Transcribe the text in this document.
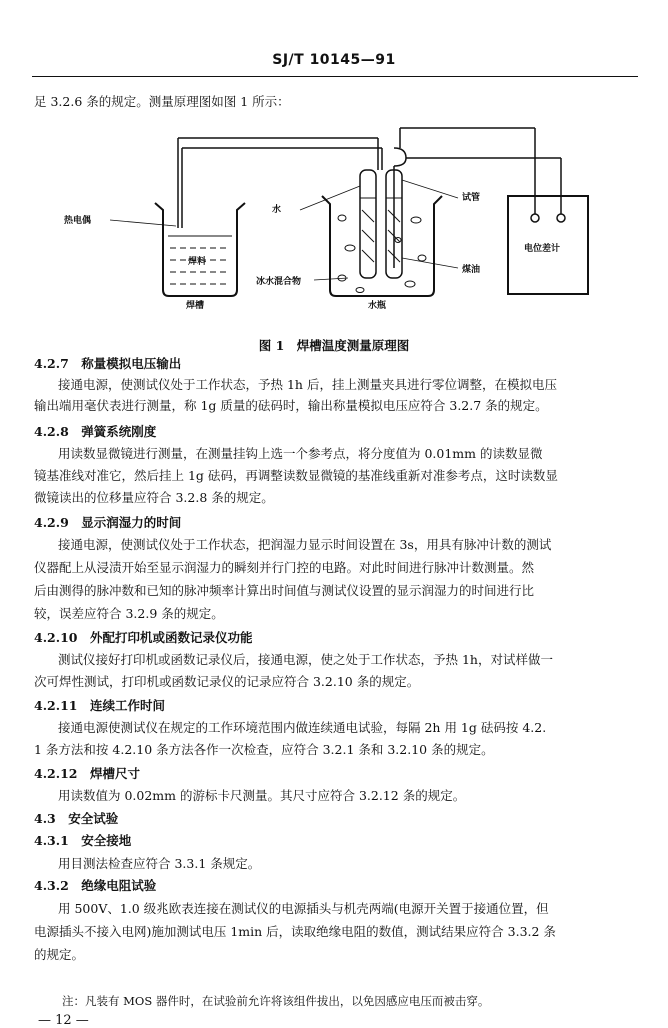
SJ/T 10145—91
足 3.2.6 条的规定。测量原理图如图 1 所示：
热电偶
焊料
焊槽
水
试管
煤油
冰水混合物
水瓶
电位差计
图 1　焊槽温度测量原理图
4.2.7　称量模拟电压输出
接通电源，使测试仪处于工作状态，予热 1h 后，挂上测量夹具进行零位调整，在模拟电压
输出端用毫伏表进行测量，称 1g 质量的砝码时，输出称量模拟电压应符合 3.2.7 条的规定。
4.2.8　弹簧系统刚度
用读数显微镜进行测量，在测量挂钩上选一个参考点，将分度值为 0.01mm 的读数显微
镜基准线对准它，然后挂上 1g 砝码，再调整读数显微镜的基准线重新对准参考点，这时读数显
微镜读出的位移量应符合 3.2.8 条的规定。
4.2.9　显示润湿力的时间
接通电源，使测试仪处于工作状态，把润湿力显示时间设置在 3s，用具有脉冲计数的测试
仪器配上从浸渍开始至显示润湿力的瞬刻并行门控的电路。对此时间进行脉冲计数测量。然
后由测得的脉冲数和已知的脉冲频率计算出时间值与测试仪设置的显示润湿力的时间进行比
较，误差应符合 3.2.9 条的规定。
4.2.10　外配打印机或函数记录仪功能
测试仪接好打印机或函数记录仪后，接通电源，使之处于工作状态，予热 1h，对试样做一
次可焊性测试，打印机或函数记录仪的记录应符合 3.2.10 条的规定。
4.2.11　连续工作时间
接通电源使测试仪在规定的工作环境范围内做连续通电试验，每隔 2h 用 1g 砝码按 4.2.
1 条方法和按 4.2.10 条方法各作一次检查，应符合 3.2.1 条和 3.2.10 条的规定。
4.2.12　焊槽尺寸
用读数值为 0.02mm 的游标卡尺测量。其尺寸应符合 3.2.12 条的规定。
4.3　安全试验
4.3.1　安全接地
用目测法检查应符合 3.3.1 条规定。
4.3.2　绝缘电阻试验
用 500V、1.0 级兆欧表连接在测试仪的电源插头与机壳两端(电源开关置于接通位置，但
电源插头不接入电网)施加测试电压 1min 后，读取绝缘电阻的数值，测试结果应符合 3.3.2 条
的规定。
注：凡装有 MOS 器件时，在试验前允许将该组件拔出，以免因感应电压而被击穿。
— 12 —
